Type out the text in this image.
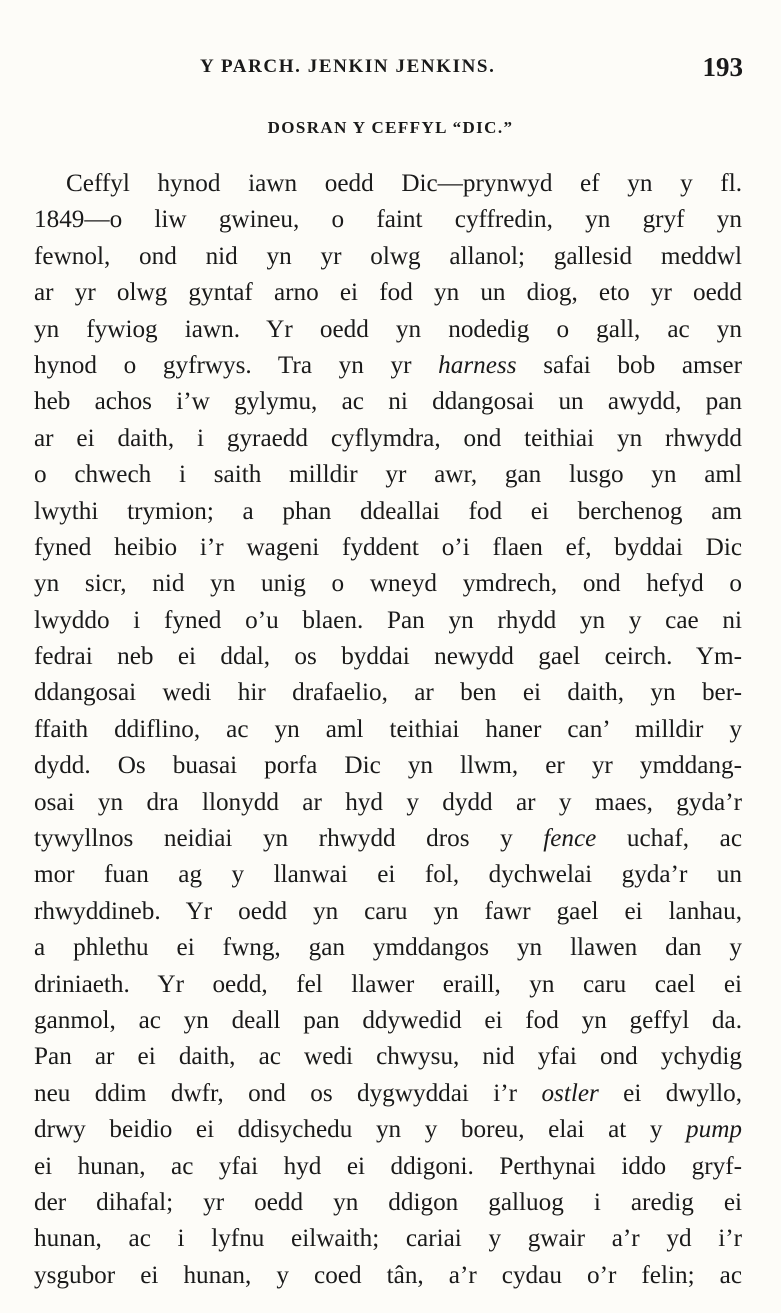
Y PARCH. JENKIN JENKINS.	193
DOSRAN Y CEFFYL “DIC.”
Ceffyl hynod iawn oedd Dic—prynwyd ef yn y fl.
1849—o liw gwineu, o faint cyffredin, yn gryf yn
fewnol, ond nid yn yr olwg allanol; gallesid meddwl
ar yr olwg gyntaf arno ei fod yn un diog, eto yr oedd
yn fywiog iawn. Yr oedd yn nodedig o gall, ac yn
hynod o gyfrwys. Tra yn yr harness safai bob amser
heb achos i’w gylymu, ac ni ddangosai un awydd, pan
ar ei daith, i gyraedd cyflymdra, ond teithiai yn rhwydd
o chwech i saith milldir yr awr, gan lusgo yn aml
lwythi trymion; a phan ddeallai fod ei berchenog am
fyned heibio i’r wageni fyddent o’i flaen ef, byddai Dic
yn sicr, nid yn unig o wneyd ymdrech, ond hefyd o
lwyddo i fyned o’u blaen. Pan yn rhydd yn y cae ni
fedrai neb ei ddal, os byddai newydd gael ceirch. Ym-
ddangosai wedi hir drafaelio, ar ben ei daith, yn ber-
ffaith ddiflino, ac yn aml teithiai haner can’ milldir y
dydd. Os buasai porfa Dic yn llwm, er yr ymddang-
osai yn dra llonydd ar hyd y dydd ar y maes, gyda’r
tywyllnos neidiai yn rhwydd dros y fence uchaf, ac
mor fuan ag y llanwai ei fol, dychwelai gyda’r un
rhwyddineb. Yr oedd yn caru yn fawr gael ei lanhau,
a phlethu ei fwng, gan ymddangos yn llawen dan y
driniaeth. Yr oedd, fel llawer eraill, yn caru cael ei
ganmol, ac yn deall pan ddywedid ei fod yn geffyl da.
Pan ar ei daith, ac wedi chwysu, nid yfai ond ychydig
neu ddim dwfr, ond os dygwyddai i’r ostler ei dwyllo,
drwy beidio ei ddisychedu yn y boreu, elai at y pump
ei hunan, ac yfai hyd ei ddigoni. Perthynai iddo gryf-
der dihafal; yr oedd yn ddigon galluog i aredig ei
hunan, ac i lyfnu eilwaith; cariai y gwair a’r yd i’r
ysgubor ei hunan, y coed tân, a’r cydau o’r felin; ac
